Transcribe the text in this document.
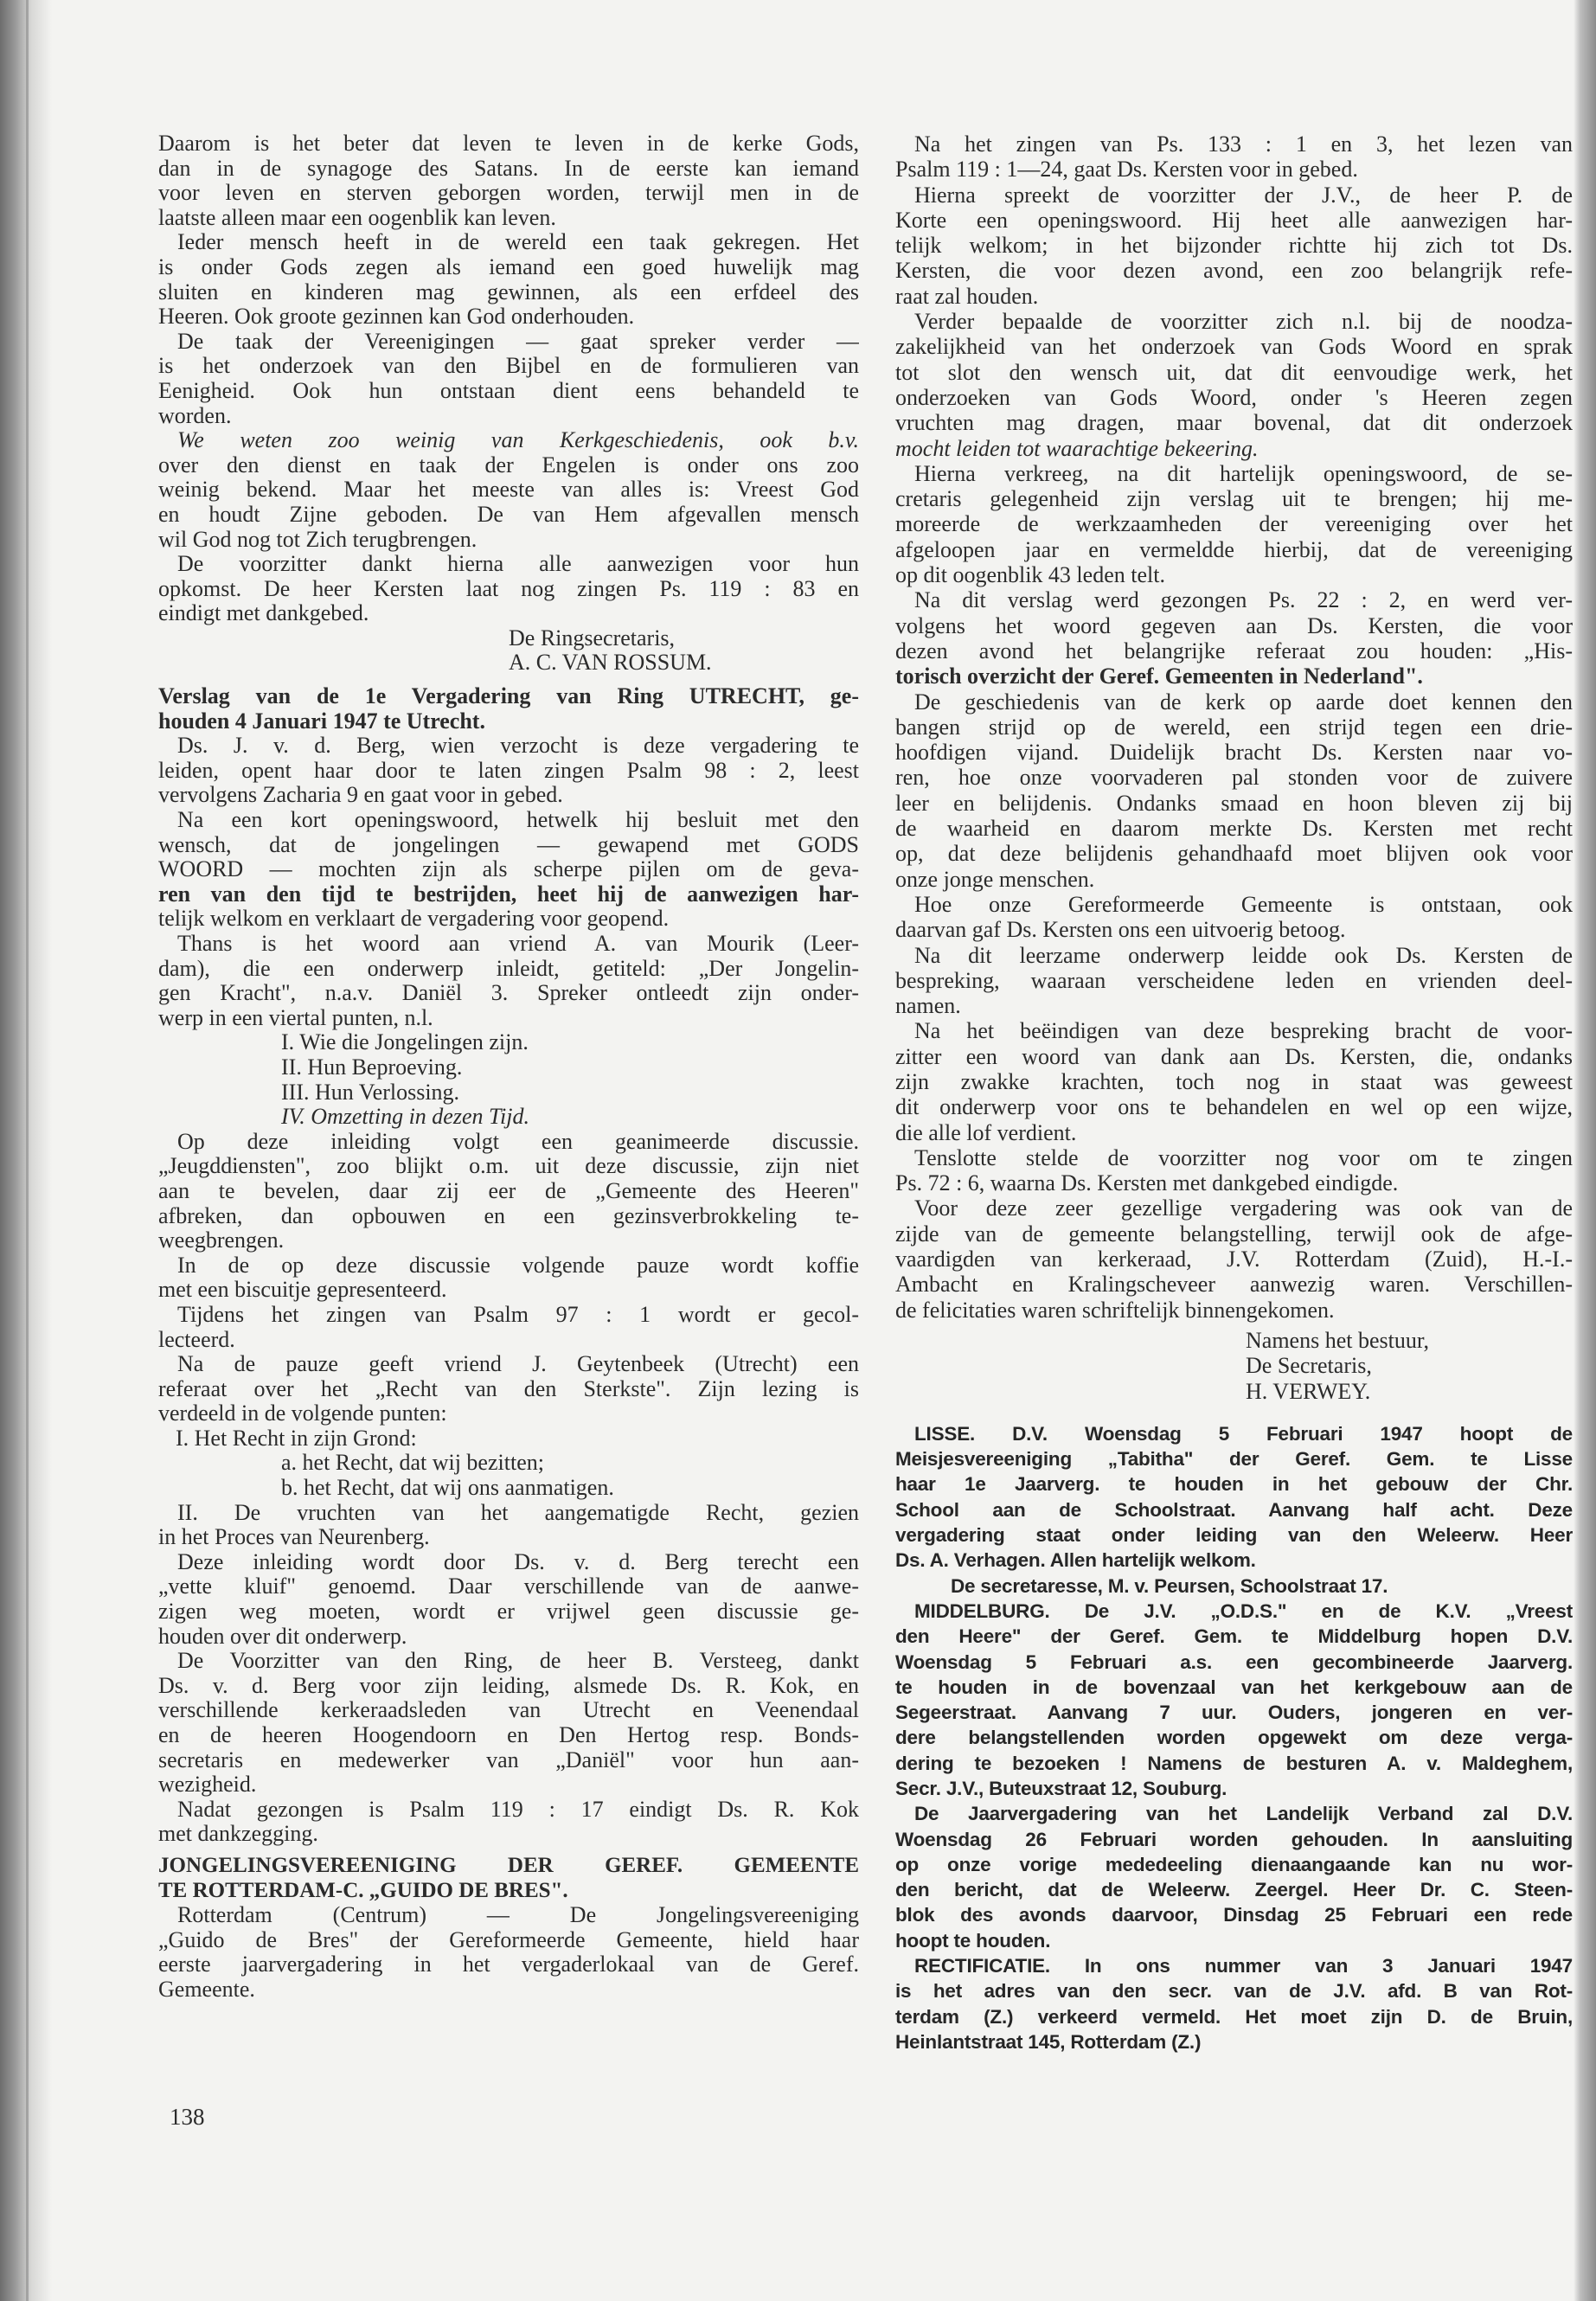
Daarom is het beter dat leven te leven in de kerke Gods,
dan in de synagoge des Satans. In de eerste kan iemand
voor leven en sterven geborgen worden, terwijl men in de
laatste alleen maar een oogenblik kan leven.
Ieder mensch heeft in de wereld een taak gekregen. Het
is onder Gods zegen als iemand een goed huwelijk mag
sluiten en kinderen mag gewinnen, als een erfdeel des
Heeren. Ook groote gezinnen kan God onderhouden.
De taak der Vereenigingen — gaat spreker verder —
is het onderzoek van den Bijbel en de formulieren van
Eenigheid. Ook hun ontstaan dient eens behandeld te
worden.
We weten zoo weinig van Kerkgeschiedenis, ook b.v.
over den dienst en taak der Engelen is onder ons zoo
weinig bekend. Maar het meeste van alles is: Vreest God
en houdt Zijne geboden. De van Hem afgevallen mensch
wil God nog tot Zich terugbrengen.
De voorzitter dankt hierna alle aanwezigen voor hun
opkomst. De heer Kersten laat nog zingen Ps. 119 : 83 en
eindigt met dankgebed.
De Ringsecretaris,
A. C. VAN ROSSUM.
Verslag van de 1e Vergadering van Ring UTRECHT, ge-
houden 4 Januari 1947 te Utrecht.
Ds. J. v. d. Berg, wien verzocht is deze vergadering te
leiden, opent haar door te laten zingen Psalm 98 : 2, leest
vervolgens Zacharia 9 en gaat voor in gebed.
Na een kort openingswoord, hetwelk hij besluit met den
wensch, dat de jongelingen — gewapend met GODS
WOORD — mochten zijn als scherpe pijlen om de geva-
ren van den tijd te bestrijden, heet hij de aanwezigen har-
telijk welkom en verklaart de vergadering voor geopend.
Thans is het woord aan vriend A. van Mourik (Leer-
dam), die een onderwerp inleidt, getiteld: „Der Jongelin-
gen Kracht", n.a.v. Daniël 3. Spreker ontleedt zijn onder-
werp in een viertal punten, n.l.
I. Wie die Jongelingen zijn.
II. Hun Beproeving.
III. Hun Verlossing.
IV. Omzetting in dezen Tijd.
Op deze inleiding volgt een geanimeerde discussie.
„Jeugddiensten", zoo blijkt o.m. uit deze discussie, zijn niet
aan te bevelen, daar zij eer de „Gemeente des Heeren"
afbreken, dan opbouwen en een gezinsverbrokkeling te-
weegbrengen.
In de op deze discussie volgende pauze wordt koffie
met een biscuitje gepresenteerd.
Tijdens het zingen van Psalm 97 : 1 wordt er gecol-
lecteerd.
Na de pauze geeft vriend J. Geytenbeek (Utrecht) een
referaat over het „Recht van den Sterkste". Zijn lezing is
verdeeld in de volgende punten:
I. Het Recht in zijn Grond:
a. het Recht, dat wij bezitten;
b. het Recht, dat wij ons aanmatigen.
II. De vruchten van het aangematigde Recht, gezien
in het Proces van Neurenberg.
Deze inleiding wordt door Ds. v. d. Berg terecht een
„vette kluif" genoemd. Daar verschillende van de aanwe-
zigen weg moeten, wordt er vrijwel geen discussie ge-
houden over dit onderwerp.
De Voorzitter van den Ring, de heer B. Versteeg, dankt
Ds. v. d. Berg voor zijn leiding, alsmede Ds. R. Kok, en
verschillende kerkeraadsleden van Utrecht en Veenendaal
en de heeren Hoogendoorn en Den Hertog resp. Bonds-
secretaris en medewerker van „Daniël" voor hun aan-
wezigheid.
Nadat gezongen is Psalm 119 : 17 eindigt Ds. R. Kok
met dankzegging.
JONGELINGSVEREENIGING DER GEREF. GEMEENTE
TE ROTTERDAM-C. „GUIDO DE BRES".
Rotterdam (Centrum) — De Jongelingsvereeniging
„Guido de Bres" der Gereformeerde Gemeente, hield haar
eerste jaarvergadering in het vergaderlokaal van de Geref.
Gemeente.
Na het zingen van Ps. 133 : 1 en 3, het lezen van
Psalm 119 : 1—24, gaat Ds. Kersten voor in gebed.
Hierna spreekt de voorzitter der J.V., de heer P. de
Korte een openingswoord. Hij heet alle aanwezigen har-
telijk welkom; in het bijzonder richtte hij zich tot Ds.
Kersten, die voor dezen avond, een zoo belangrijk refe-
raat zal houden.
Verder bepaalde de voorzitter zich n.l. bij de noodza-
zakelijkheid van het onderzoek van Gods Woord en sprak
tot slot den wensch uit, dat dit eenvoudige werk, het
onderzoeken van Gods Woord, onder 's Heeren zegen
vruchten mag dragen, maar bovenal, dat dit onderzoek
mocht leiden tot waarachtige bekeering.
Hierna verkreeg, na dit hartelijk openingswoord, de se-
cretaris gelegenheid zijn verslag uit te brengen; hij me-
moreerde de werkzaamheden der vereeniging over het
afgeloopen jaar en vermeldde hierbij, dat de vereeniging
op dit oogenblik 43 leden telt.
Na dit verslag werd gezongen Ps. 22 : 2, en werd ver-
volgens het woord gegeven aan Ds. Kersten, die voor
dezen avond het belangrijke referaat zou houden: „His-
torisch overzicht der Geref. Gemeenten in Nederland".
De geschiedenis van de kerk op aarde doet kennen den
bangen strijd op de wereld, een strijd tegen een drie-
hoofdigen vijand. Duidelijk bracht Ds. Kersten naar vo-
ren, hoe onze voorvaderen pal stonden voor de zuivere
leer en belijdenis. Ondanks smaad en hoon bleven zij bij
de waarheid en daarom merkte Ds. Kersten met recht
op, dat deze belijdenis gehandhaafd moet blijven ook voor
onze jonge menschen.
Hoe onze Gereformeerde Gemeente is ontstaan, ook
daarvan gaf Ds. Kersten ons een uitvoerig betoog.
Na dit leerzame onderwerp leidde ook Ds. Kersten de
bespreking, waaraan verscheidene leden en vrienden deel-
namen.
Na het beëindigen van deze bespreking bracht de voor-
zitter een woord van dank aan Ds. Kersten, die, ondanks
zijn zwakke krachten, toch nog in staat was geweest
dit onderwerp voor ons te behandelen en wel op een wijze,
die alle lof verdient.
Tenslotte stelde de voorzitter nog voor om te zingen
Ps. 72 : 6, waarna Ds. Kersten met dankgebed eindigde.
Voor deze zeer gezellige vergadering was ook van de
zijde van de gemeente belangstelling, terwijl ook de afge-
vaardigden van kerkeraad, J.V. Rotterdam (Zuid), H.-I.-
Ambacht en Kralingscheveer aanwezig waren. Verschillen-
de felicitaties waren schriftelijk binnengekomen.
Namens het bestuur,
De Secretaris,
H. VERWEY.
LISSE. D.V. Woensdag 5 Februari 1947 hoopt de
Meisjesvereeniging „Tabitha" der Geref. Gem. te Lisse
haar 1e Jaarverg. te houden in het gebouw der Chr.
School aan de Schoolstraat. Aanvang half acht. Deze
vergadering staat onder leiding van den Weleerw. Heer
Ds. A. Verhagen. Allen hartelijk welkom.
De secretaresse, M. v. Peursen, Schoolstraat 17.
MIDDELBURG. De J.V. „O.D.S." en de K.V. „Vreest
den Heere" der Geref. Gem. te Middelburg hopen D.V.
Woensdag 5 Februari a.s. een gecombineerde Jaarverg.
te houden in de bovenzaal van het kerkgebouw aan de
Segeerstraat. Aanvang 7 uur. Ouders, jongeren en ver-
dere belangstellenden worden opgewekt om deze verga-
dering te bezoeken ! Namens de besturen A. v. Maldeghem,
Secr. J.V., Buteuxstraat 12, Souburg.
De Jaarvergadering van het Landelijk Verband zal D.V.
Woensdag 26 Februari worden gehouden. In aansluiting
op onze vorige mededeeling dienaangaande kan nu wor-
den bericht, dat de Weleerw. Zeergel. Heer Dr. C. Steen-
blok des avonds daarvoor, Dinsdag 25 Februari een rede
hoopt te houden.
RECTIFICATIE. In ons nummer van 3 Januari 1947
is het adres van den secr. van de J.V. afd. B van Rot-
terdam (Z.) verkeerd vermeld. Het moet zijn D. de Bruin,
Heinlantstraat 145, Rotterdam (Z.)
138
